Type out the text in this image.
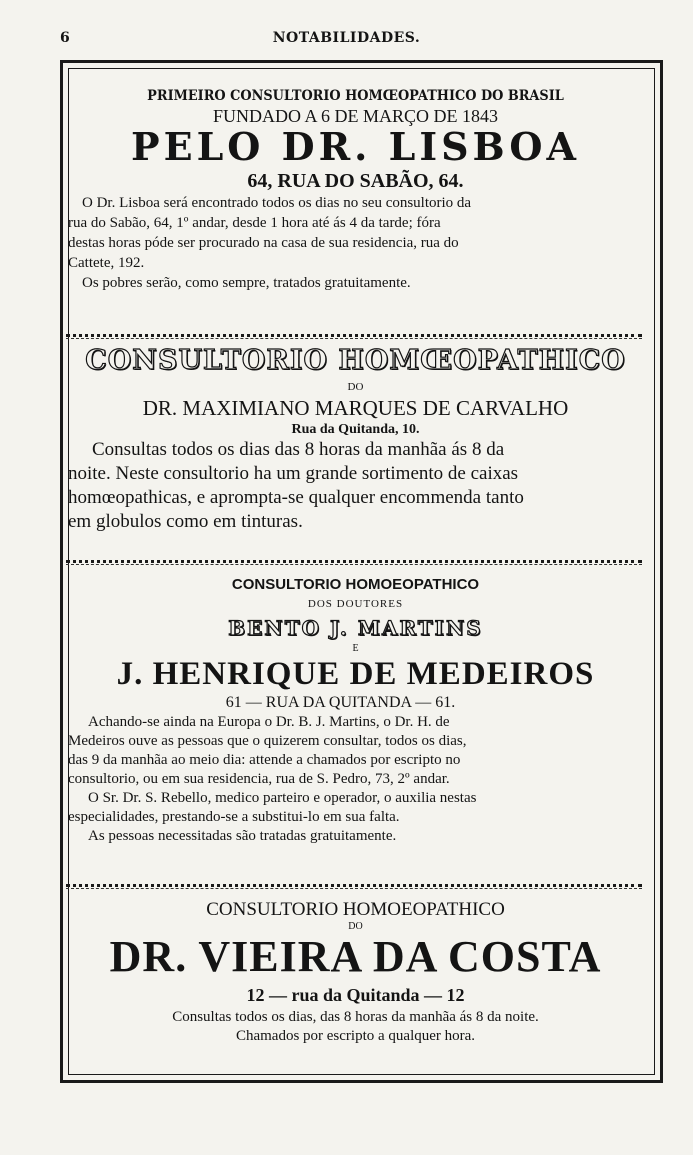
6	NOTABILIDADES.
PRIMEIRO CONSULTORIO HOMŒOPATHICO DO BRASIL
FUNDADO A 6 DE MARÇO DE 1843
PELO DR. LISBOA
64, RUA DO SABÃO, 64.
O Dr. Lisboa será encontrado todos os dias no seu consultorio da
rua do Sabão, 64, 1º andar, desde 1 hora até ás 4 da tarde; fóra
destas horas póde ser procurado na casa de sua residencia, rua do
Cattete, 192.
Os pobres serão, como sempre, tratados gratuitamente.
CONSULTORIO HOMŒOPATHICO
DO
DR. MAXIMIANO MARQUES DE CARVALHO
Rua da Quitanda, 10.
Consultas todos os dias das 8 horas da manhãa ás 8 da
noite. Neste consultorio ha um grande sortimento de caixas
homœopathicas, e aprompta-se qualquer encommenda tanto
em globulos como em tinturas.
CONSULTORIO HOMOEOPATHICO
DOS DOUTORES
BENTO J. MARTINS
E
J. HENRIQUE DE MEDEIROS
61 — RUA DA QUITANDA — 61.
Achando-se ainda na Europa o Dr. B. J. Martins, o Dr. H. de
Medeiros ouve as pessoas que o quizerem consultar, todos os dias,
das 9 da manhãa ao meio dia: attende a chamados por escripto no
consultorio, ou em sua residencia, rua de S. Pedro, 73, 2º andar.
O Sr. Dr. S. Rebello, medico parteiro e operador, o auxilia nestas
especialidades, prestando-se a substitui-lo em sua falta.
As pessoas necessitadas são tratadas gratuitamente.
CONSULTORIO HOMOEOPATHICO
DO
DR. VIEIRA DA COSTA
12 — rua da Quitanda — 12
Consultas todos os dias, das 8 horas da manhãa ás 8 da noite.
Chamados por escripto a qualquer hora.
